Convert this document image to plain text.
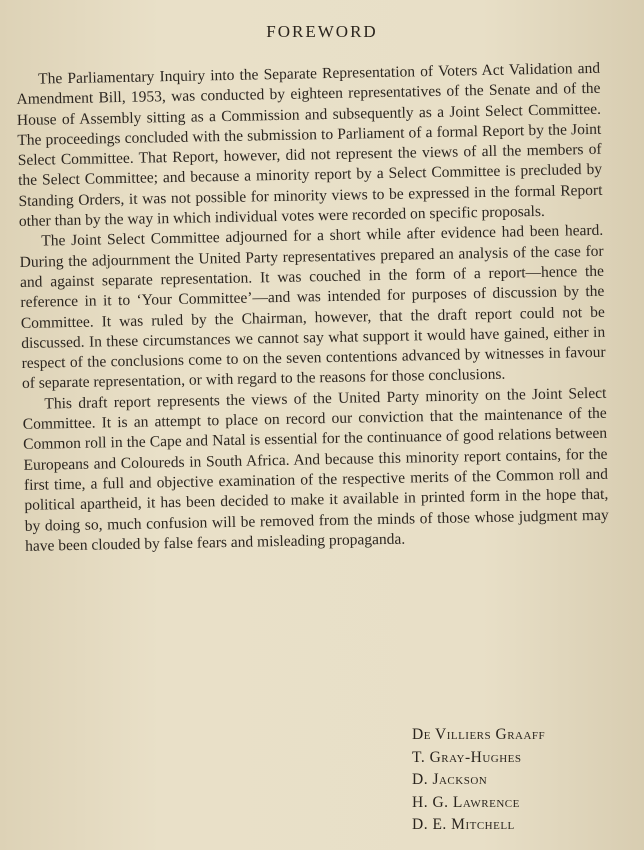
FOREWORD

The Parliamentary Inquiry into the Separate Representation of Voters Act Validation and Amendment Bill, 1953, was conducted by eighteen representatives of the Senate and of the House of Assembly sitting as a Commission and subsequently as a Joint Select Committee. The proceedings concluded with the submission to Parliament of a formal Report by the Joint Select Committee. That Report, however, did not represent the views of all the members of the Select Committee; and because a minority report by a Select Committee is precluded by Standing Orders, it was not possible for minority views to be expressed in the formal Report other than by the way in which individual votes were recorded on specific proposals.

The Joint Select Committee adjourned for a short while after evidence had been heard. During the adjournment the United Party representatives prepared an analysis of the case for and against separate representation. It was couched in the form of a report—hence the reference in it to ‘Your Committee’—and was intended for purposes of discussion by the Committee. It was ruled by the Chairman, however, that the draft report could not be discussed. In these circumstances we cannot say what support it would have gained, either in respect of the conclusions come to on the seven contentions advanced by witnesses in favour of separate representation, or with regard to the reasons for those conclusions.

This draft report represents the views of the United Party minority on the Joint Select Committee. It is an attempt to place on record our conviction that the maintenance of the Common roll in the Cape and Natal is essential for the continuance of good relations between Europeans and Coloureds in South Africa. And because this minority report contains, for the first time, a full and objective examination of the respective merits of the Common roll and political apartheid, it has been decided to make it available in printed form in the hope that, by doing so, much confusion will be removed from the minds of those whose judgment may have been clouded by false fears and misleading propaganda.

De Villiers Graaff
T. Gray-Hughes
D. Jackson
H. G. Lawrence
D. E. Mitchell
